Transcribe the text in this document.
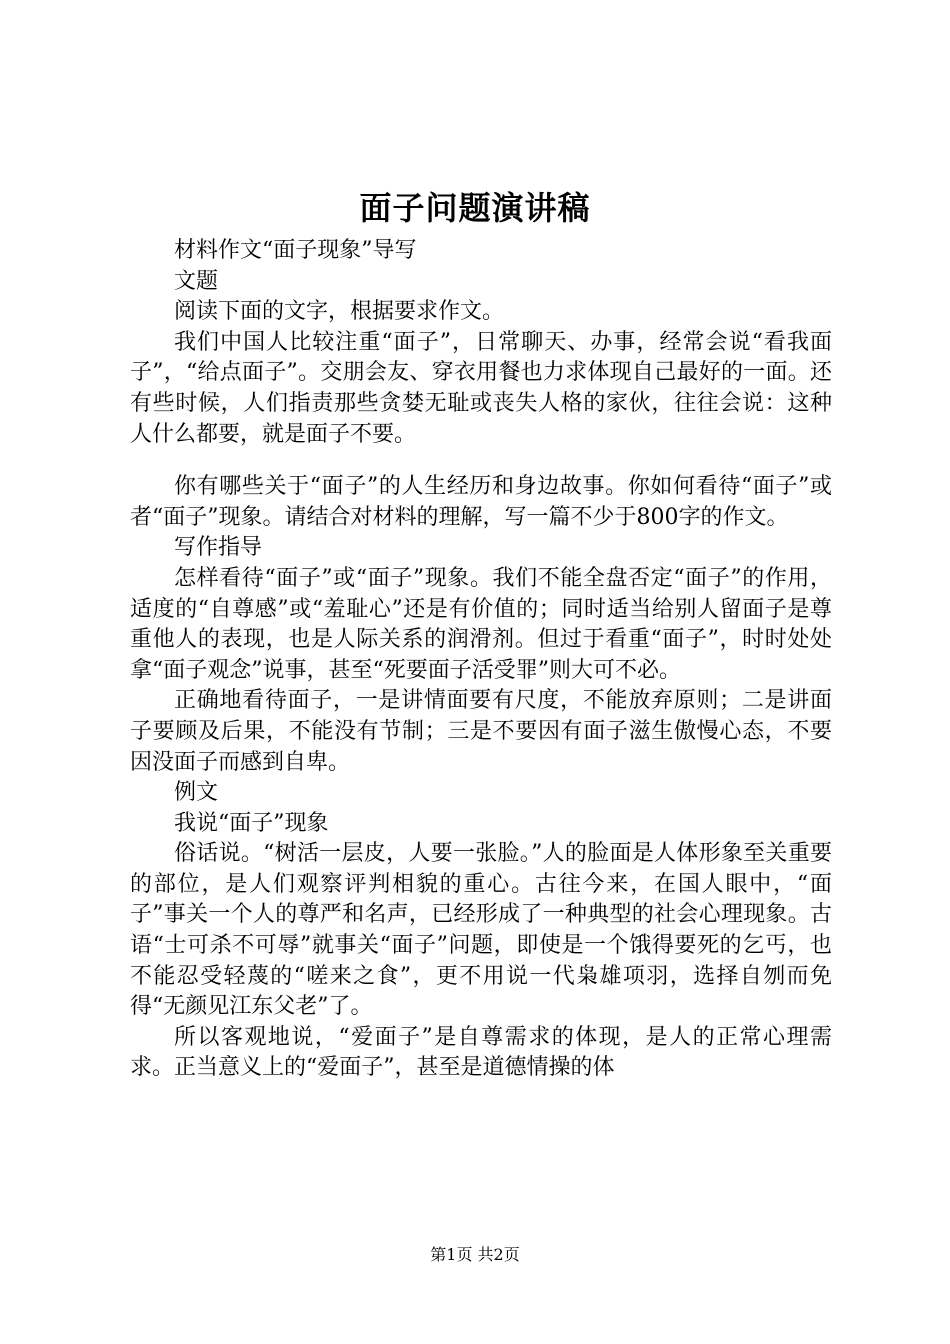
面子问题演讲稿

材料作文“面子现象”导写

文题

阅读下面的文字，根据要求作文。

我们中国人比较注重“面子”，日常聊天、办事，经常会说“看我面子”，“给点面子”。交朋会友、穿衣用餐也力求体现自己最好的一面。还有些时候，人们指责那些贪婪无耻或丧失人格的家伙，往往会说：这种人什么都要，就是面子不要。

你有哪些关于“面子”的人生经历和身边故事。你如何看待“面子”或者“面子”现象。请结合对材料的理解，写一篇不少于800字的作文。

写作指导

怎样看待“面子”或“面子”现象。我们不能全盘否定“面子”的作用，适度的“自尊感”或“羞耻心”还是有价值的；同时适当给别人留面子是尊重他人的表现，也是人际关系的润滑剂。但过于看重“面子”，时时处处拿“面子观念”说事，甚至“死要面子活受罪”则大可不必。

正确地看待面子，一是讲情面要有尺度，不能放弃原则；二是讲面子要顾及后果，不能没有节制；三是不要因有面子滋生傲慢心态，不要因没面子而感到自卑。

例文

我说“面子”现象

俗话说。“树活一层皮，人要一张脸。”人的脸面是人体形象至关重要的部位，是人们观察评判相貌的重心。古往今来，在国人眼中，“面子”事关一个人的尊严和名声，已经形成了一种典型的社会心理现象。古语“士可杀不可辱”就事关“面子”问题，即使是一个饿得要死的乞丐，也不能忍受轻蔑的“嗟来之食”，更不用说一代枭雄项羽，选择自刎而免得“无颜见江东父老”了。

所以客观地说，“爱面子”是自尊需求的体现，是人的正常心理需求。正当意义上的“爱面子”，甚至是道德情操的体

第1页 共2页
